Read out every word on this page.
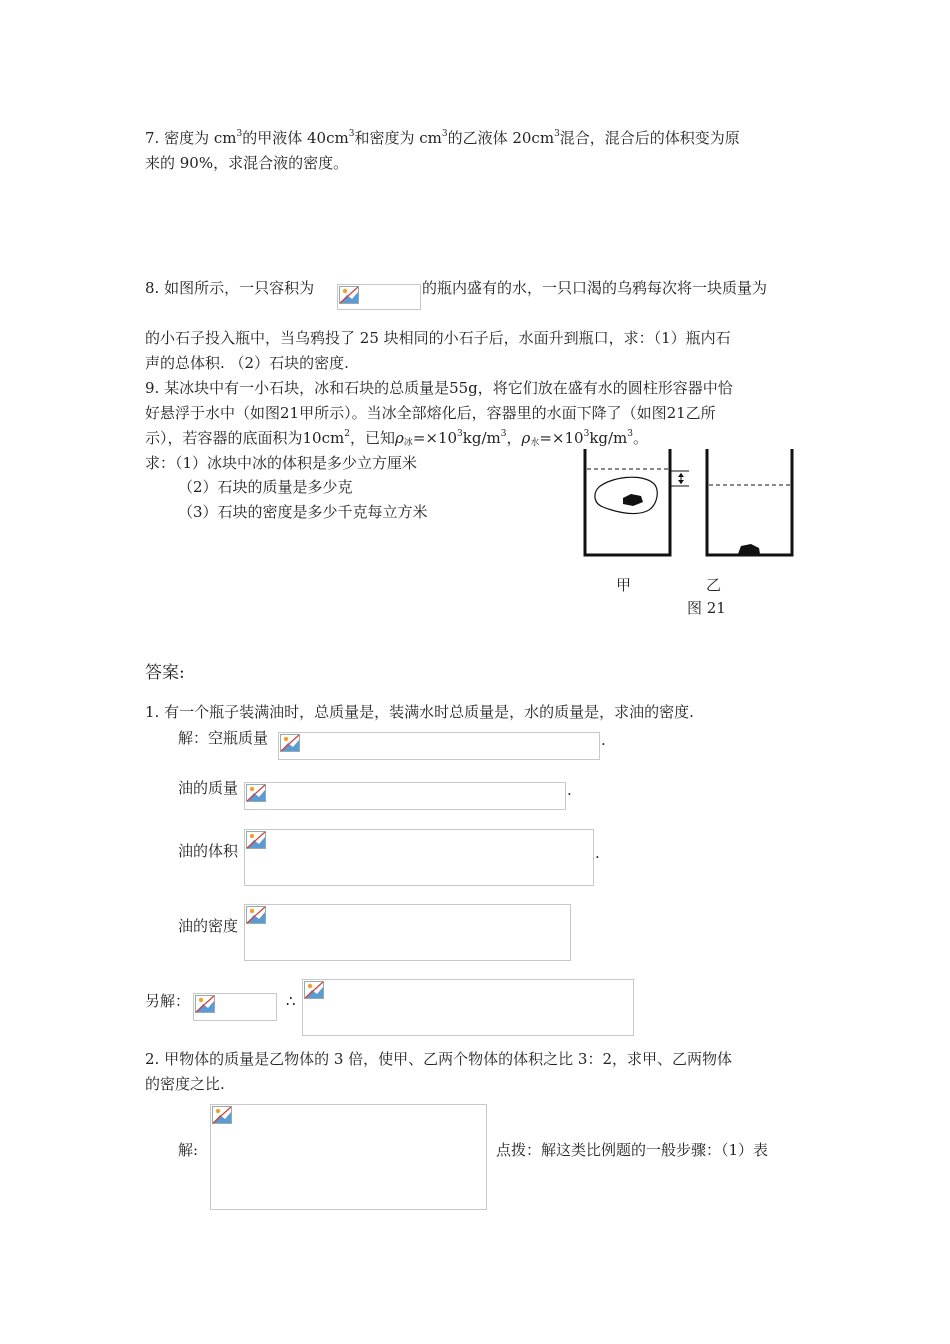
7. 密度为 $cm^3$的甲液体 $40cm^3$和密度为 $cm^3$的乙液体 $20cm^3$混合，混合后的体积变为原
来的 90%，求混合液的密度。
8. 如图所示，一只容积为	的瓶内盛有的水，一只口渴的乌鸦每次将一块质量为
的小石子投入瓶中，当乌鸦投了 25 块相同的小石子后，水面升到瓶口，求：（1）瓶内石
声的总体积. （2）石块的密度.
9. 某冰块中有一小石块，冰和石块的总质量是55g，将它们放在盛有水的圆柱形容器中恰
好悬浮于水中（如图21甲所示）。当冰全部熔化后，容器里的水面下降了（如图21乙所
示），若容器的底面积为$10cm^2$，已知$\rho_冰=\times 10^3kg/m^3$，$\rho_水=\times 10^3kg/m^3$。
求：（1）冰块中冰的体积是多少立方厘米
（2）石块的质量是多少克
（3）石块的密度是多少千克每立方米
甲	乙
图 21
答案:
1. 有一个瓶子装满油时，总质量是，装满水时总质量是，水的质量是，求油的密度.
解：空瓶质量	.
油的质量	.
油的体积	.
油的密度
另解：	∴
2. 甲物体的质量是乙物体的 3 倍，使甲、乙两个物体的体积之比 3：2，求甲、乙两物体
的密度之比.
解:	点拨：解这类比例题的一般步骤：（1）表
